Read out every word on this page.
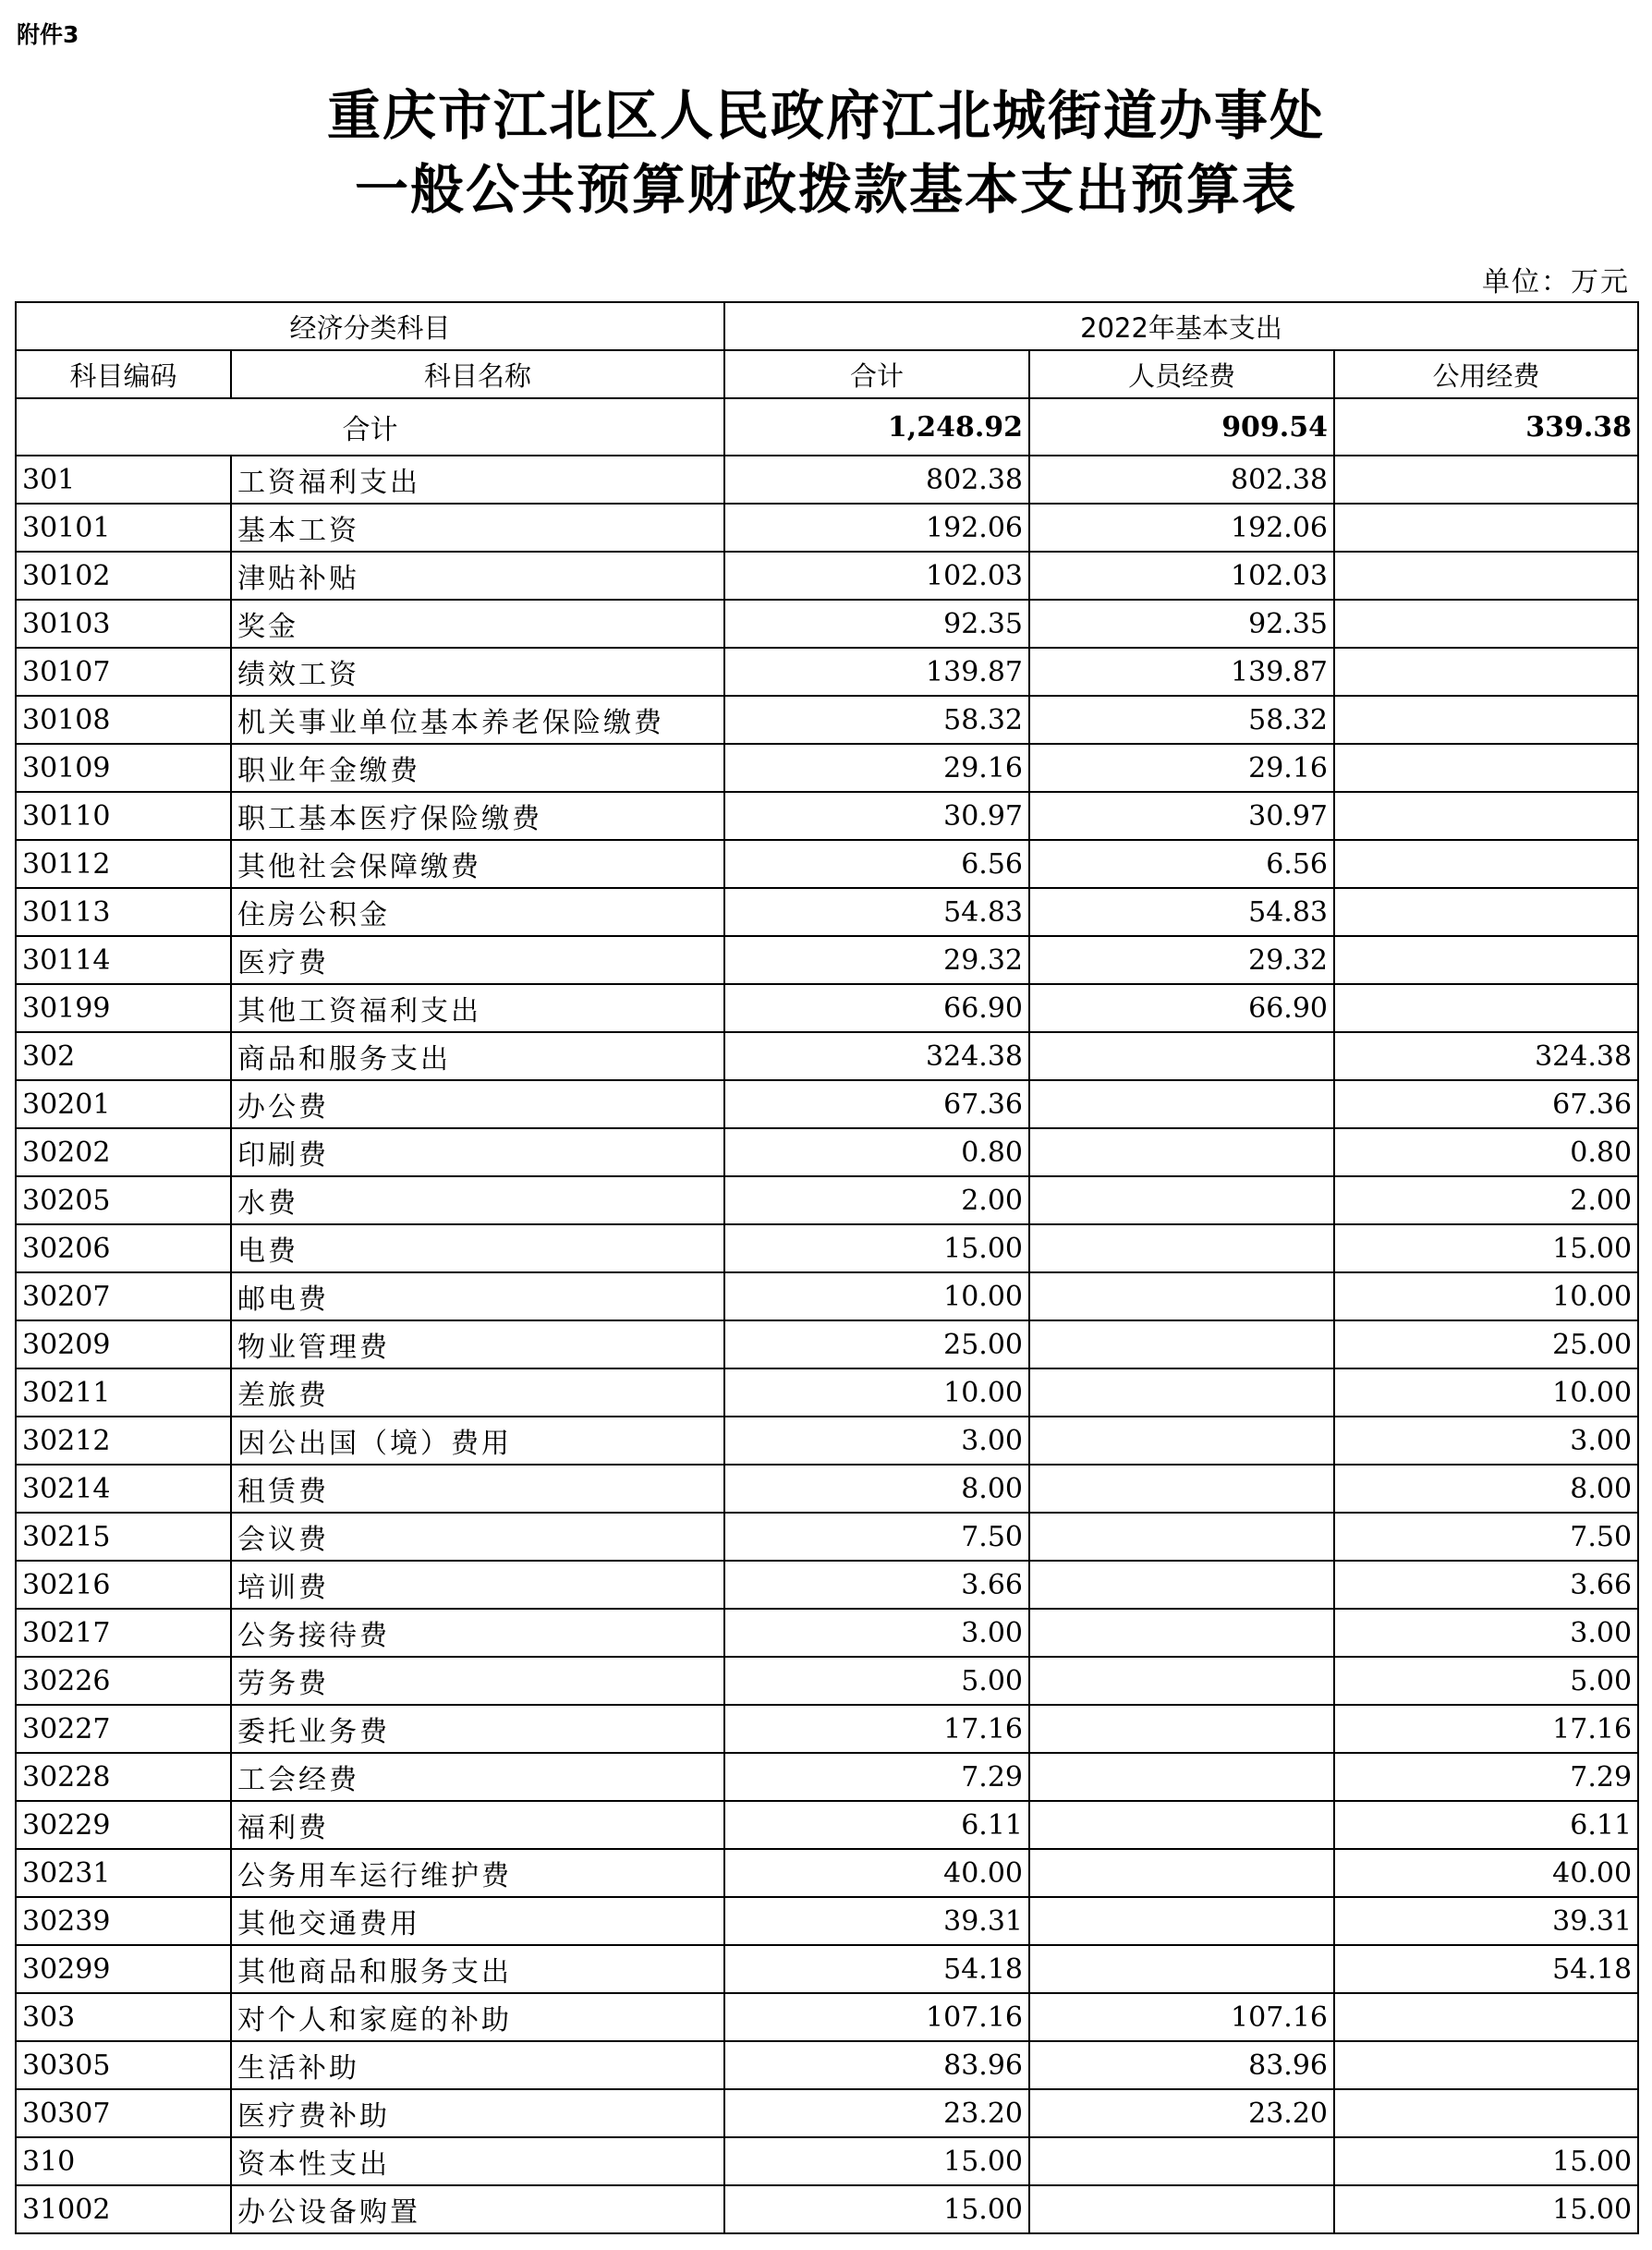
附件3
重庆市江北区人民政府江北城街道办事处
一般公共预算财政拨款基本支出预算表
单位：万元
经济分类科目		2022年基本支出		
科目编码	科目名称	合计	人员经费	公用经费
合计		1,248.92	909.54	339.38
301	工资福利支出	802.38	802.38	
30101	基本工资	192.06	192.06	
30102	津贴补贴	102.03	102.03	
30103	奖金	92.35	92.35	
30107	绩效工资	139.87	139.87	
30108	机关事业单位基本养老保险缴费	58.32	58.32	
30109	职业年金缴费	29.16	29.16	
30110	职工基本医疗保险缴费	30.97	30.97	
30112	其他社会保障缴费	6.56	6.56	
30113	住房公积金	54.83	54.83	
30114	医疗费	29.32	29.32	
30199	其他工资福利支出	66.90	66.90	
302	商品和服务支出	324.38		324.38
30201	办公费	67.36		67.36
30202	印刷费	0.80		0.80
30205	水费	2.00		2.00
30206	电费	15.00		15.00
30207	邮电费	10.00		10.00
30209	物业管理费	25.00		25.00
30211	差旅费	10.00		10.00
30212	因公出国（境）费用	3.00		3.00
30214	租赁费	8.00		8.00
30215	会议费	7.50		7.50
30216	培训费	3.66		3.66
30217	公务接待费	3.00		3.00
30226	劳务费	5.00		5.00
30227	委托业务费	17.16		17.16
30228	工会经费	7.29		7.29
30229	福利费	6.11		6.11
30231	公务用车运行维护费	40.00		40.00
30239	其他交通费用	39.31		39.31
30299	其他商品和服务支出	54.18		54.18
303	对个人和家庭的补助	107.16	107.16	
30305	生活补助	83.96	83.96	
30307	医疗费补助	23.20	23.20	
310	资本性支出	15.00		15.00
31002	办公设备购置	15.00		15.00
